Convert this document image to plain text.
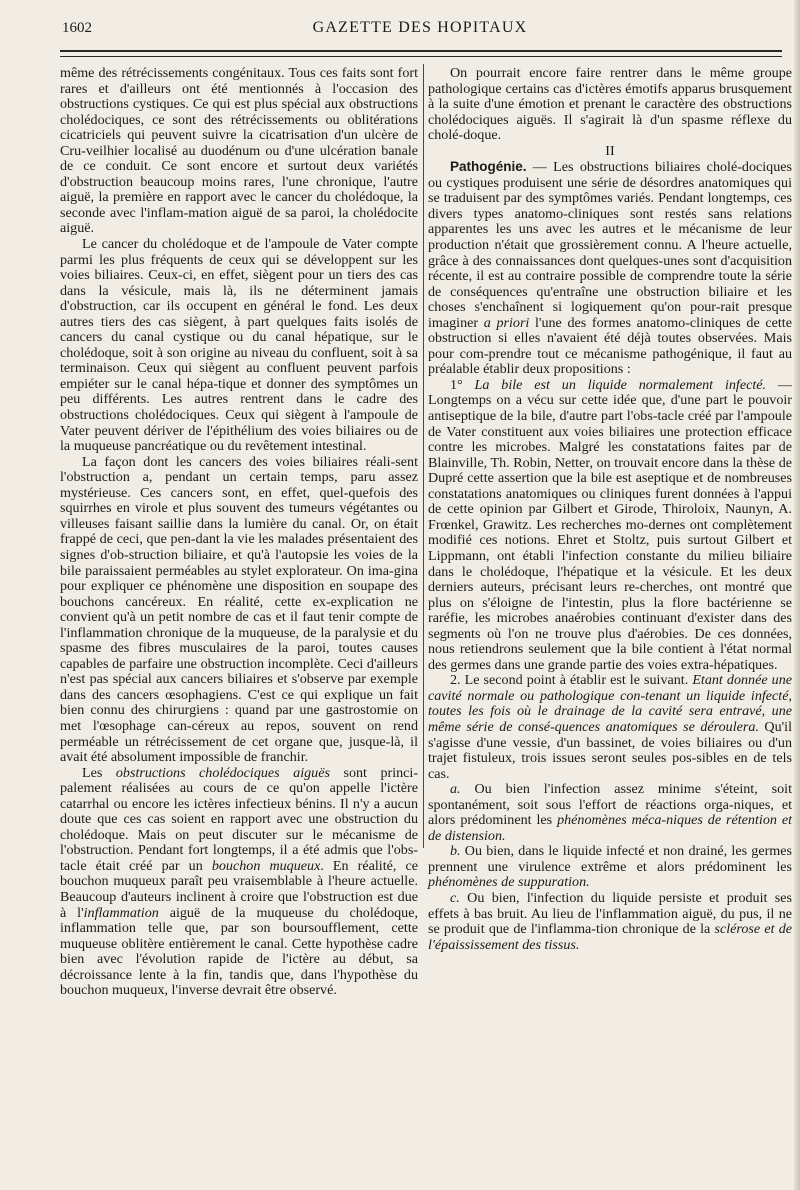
1602	GAZETTE DES HOPITAUX

même des rétrécissements congénitaux. Tous ces faits sont fort rares et d'ailleurs ont été mentionnés à l'occasion des obstructions cystiques. Ce qui est plus spécial aux obstructions cholédociques, ce sont des rétrécissements ou oblitérations cicatriciels qui peuvent suivre la cicatrisation d'un ulcère de Cru-veilhier localisé au duodénum ou d'une ulcération banale de ce conduit. Ce sont encore et surtout deux variétés d'obstruction beaucoup moins rares, l'une chronique, l'autre aiguë, la première en rapport avec le cancer du cholédoque, la seconde avec l'inflam-mation aiguë de sa paroi, la cholédocite aiguë.

Le cancer du cholédoque et de l'ampoule de Vater compte parmi les plus fréquents de ceux qui se développent sur les voies biliaires. Ceux-ci, en effet, siègent pour un tiers des cas dans la vésicule, mais là, ils ne déterminent jamais d'obstruction, car ils occupent en général le fond. Les deux autres tiers des cas siègent, à part quelques faits isolés de cancers du canal cystique ou du canal hépatique, sur le cholédoque, soit à son origine au niveau du confluent, soit à sa terminaison. Ceux qui siègent au confluent peuvent parfois empiéter sur le canal hépa-tique et donner des symptômes un peu différents. Les autres rentrent dans le cadre des obstructions cholédociques. Ceux qui siègent à l'ampoule de Vater peuvent dériver de l'épithélium des voies biliaires ou de la muqueuse pancréatique ou du revêtement intestinal.

La façon dont les cancers des voies biliaires réali-sent l'obstruction a, pendant un certain temps, paru assez mystérieuse. Ces cancers sont, en effet, quel-quefois des squirrhes en virole et plus souvent des tumeurs végétantes ou villeuses faisant saillie dans la lumière du canal. Or, on était frappé de ceci, que pen-dant la vie les malades présentaient des signes d'ob-struction biliaire, et qu'à l'autopsie les voies de la bile paraissaient perméables au stylet explorateur. On ima-gina pour expliquer ce phénomène une disposition en soupape des bouchons cancéreux. En réalité, cette ex-explication ne convient qu'à un petit nombre de cas et il faut tenir compte de l'inflammation chronique de la muqueuse, de la paralysie et du spasme des fibres musculaires de la paroi, toutes causes capables de parfaire une obstruction incomplète. Ceci d'ailleurs n'est pas spécial aux cancers biliaires et s'observe par exemple dans des cancers œsophagiens. C'est ce qui explique un fait bien connu des chirurgiens : quand par une gastrostomie on met l'œsophage can-céreux au repos, souvent on rend perméable un rétrécissement de cet organe que, jusque-là, il avait été absolument impossible de franchir.

Les obstructions cholédociques aiguës sont princi-palement réalisées au cours de ce qu'on appelle l'ictère catarrhal ou encore les ictères infectieux bénins. Il n'y a aucun doute que ces cas soient en rapport avec une obstruction du cholédoque. Mais on peut discuter sur le mécanisme de l'obstruction. Pendant fort longtemps, il a été admis que l'obs-tacle était créé par un bouchon muqueux. En réalité, ce bouchon muqueux paraît peu vraisemblable à l'heure actuelle. Beaucoup d'auteurs inclinent à croire que l'obstruction est due à l'inflammation aiguë de la muqueuse du cholédoque, inflammation telle que, par son boursoufflement, cette muqueuse oblitère entièrement le canal. Cette hypothèse cadre bien avec l'évolution rapide de l'ictère au début, sa décroissance lente à la fin, tandis que, dans l'hypothèse du bouchon muqueux, l'inverse devrait être observé.

On pourrait encore faire rentrer dans le même groupe pathologique certains cas d'ictères émotifs apparus brusquement à la suite d'une émotion et prenant le caractère des obstructions cholédociques aiguës. Il s'agirait là d'un spasme réflexe du cholé-doque.

II

Pathogénie. — Les obstructions biliaires cholé-dociques ou cystiques produisent une série de désordres anatomiques qui se traduisent par des symptômes variés. Pendant longtemps, ces divers types anatomo-cliniques sont restés sans relations apparentes les uns avec les autres et le mécanisme de leur production n'était que grossièrement connu. A l'heure actuelle, grâce à des connaissances dont quelques-unes sont d'acquisition récente, il est au contraire possible de comprendre toute la série de conséquences qu'entraîne une obstruction biliaire et les choses s'enchaînent si logiquement qu'on pour-rait presque imaginer a priori l'une des formes anatomo-cliniques de cette obstruction si elles n'avaient été déjà toutes observées. Mais pour com-prendre tout ce mécanisme pathogénique, il faut au préalable établir deux propositions :

1° La bile est un liquide normalement infecté. — Longtemps on a vécu sur cette idée que, d'une part le pouvoir antiseptique de la bile, d'autre part l'obs-tacle créé par l'ampoule de Vater constituent aux voies biliaires une protection efficace contre les microbes. Malgré les constatations faites par de Blainville, Th. Robin, Netter, on trouvait encore dans la thèse de Dupré cette assertion que la bile est aseptique et de nombreuses constatations anatomiques ou cliniques furent données à l'appui de cette opinion par Gilbert et Girode, Thiroloix, Naunyn, A. Frœnkel, Grawitz. Les recherches mo-dernes ont complètement modifié ces notions. Ehret et Stoltz, puis surtout Gilbert et Lippmann, ont établi l'infection constante du milieu biliaire dans le cholédoque, l'hépatique et la vésicule. Et les deux derniers auteurs, précisant leurs re-cherches, ont montré que plus on s'éloigne de l'intestin, plus la flore bactérienne se raréfie, les microbes anaérobies continuant d'exister dans des segments où l'on ne trouve plus d'aérobies. De ces données, nous retiendrons seulement que la bile contient à l'état normal des germes dans une grande partie des voies extra-hépatiques.

2. Le second point à établir est le suivant. Etant donnée une cavité normale ou pathologique con-tenant un liquide infecté, toutes les fois où le drainage de la cavité sera entravé, une même série de consé-quences anatomiques se déroulera. Qu'il s'agisse d'une vessie, d'un bassinet, de voies biliaires ou d'un trajet fistuleux, trois issues seront seules pos-sibles en de tels cas.

a. Ou bien l'infection assez minime s'éteint, soit spontanément, soit sous l'effort de réactions orga-niques, et alors prédominent les phénomènes méca-niques de rétention et de distension.

b. Ou bien, dans le liquide infecté et non drainé, les germes prennent une virulence extrême et alors prédominent les phénomènes de suppuration.

c. Ou bien, l'infection du liquide persiste et produit ses effets à bas bruit. Au lieu de l'inflammation aiguë, du pus, il ne se produit que de l'inflamma-tion chronique de la sclérose et de l'épaississement des tissus.
